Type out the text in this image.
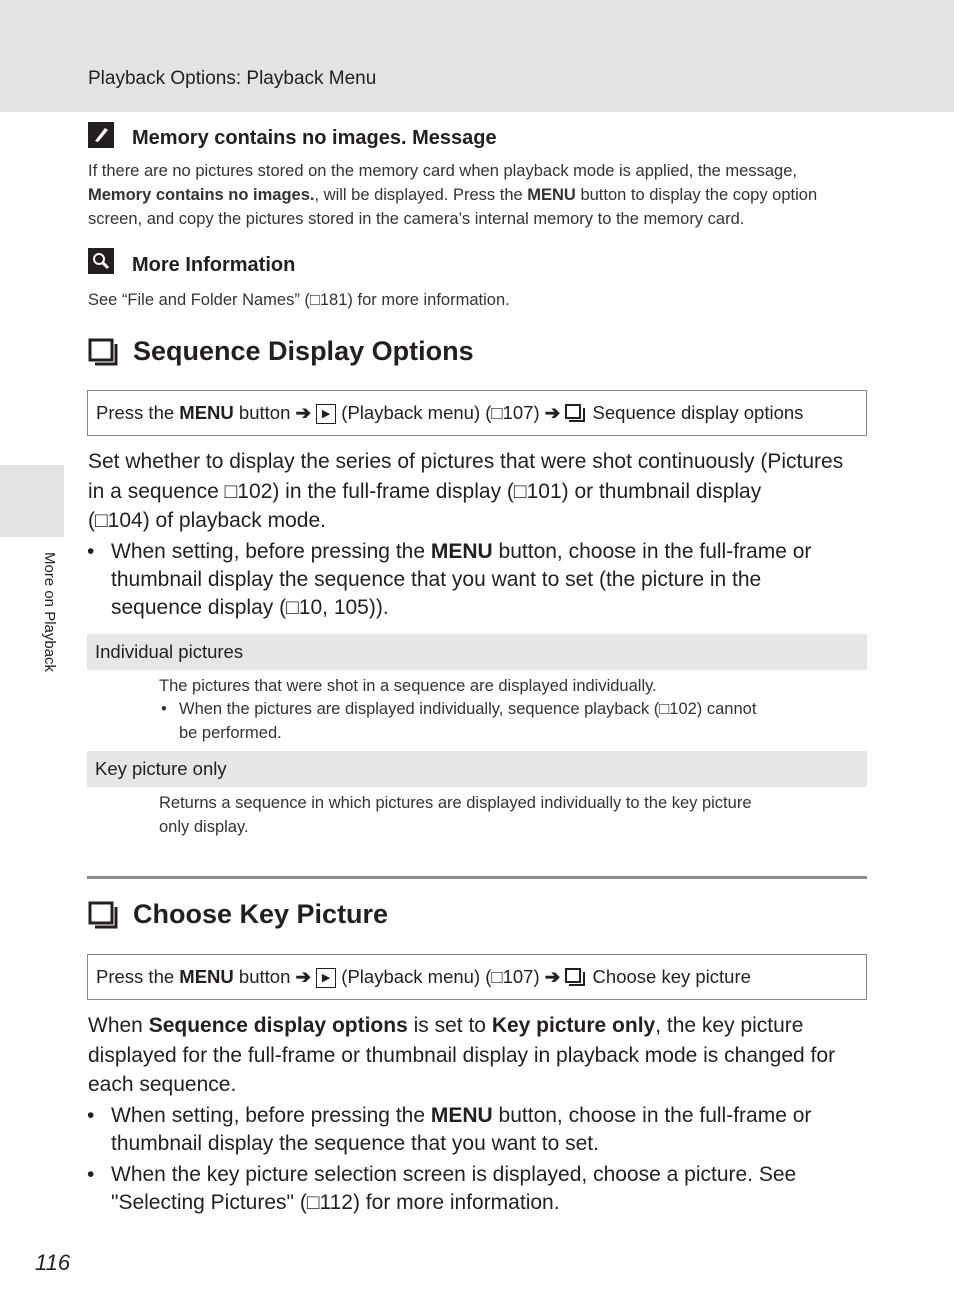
Playback Options: Playback Menu
More on Playback
Memory contains no images. Message
If there are no pictures stored on the memory card when playback mode is applied, the message,
Memory contains no images., will be displayed. Press the MENU button to display the copy option
screen, and copy the pictures stored in the camera’s internal memory to the memory card.
More Information
See “File and Folder Names” (□181) for more information.
Sequence Display Options
Press the MENU button ➔ ▶ (Playback menu) (□107) ➔ Sequence display options
Set whether to display the series of pictures that were shot continuously (Pictures
in a sequence □102) in the full-frame display (□101) or thumbnail display
(□104) of playback mode.
• When setting, before pressing the MENU button, choose in the full-frame or
thumbnail display the sequence that you want to set (the picture in the
sequence display (□10, 105)).
Individual pictures
The pictures that were shot in a sequence are displayed individually.
• When the pictures are displayed individually, sequence playback (□102) cannot
be performed.
Key picture only
Returns a sequence in which pictures are displayed individually to the key picture
only display.
Choose Key Picture
Press the MENU button ➔ ▶ (Playback menu) (□107) ➔ Choose key picture
When Sequence display options is set to Key picture only, the key picture
displayed for the full-frame or thumbnail display in playback mode is changed for
each sequence.
• When setting, before pressing the MENU button, choose in the full-frame or
thumbnail display the sequence that you want to set.
• When the key picture selection screen is displayed, choose a picture. See
"Selecting Pictures" (□112) for more information.
116
